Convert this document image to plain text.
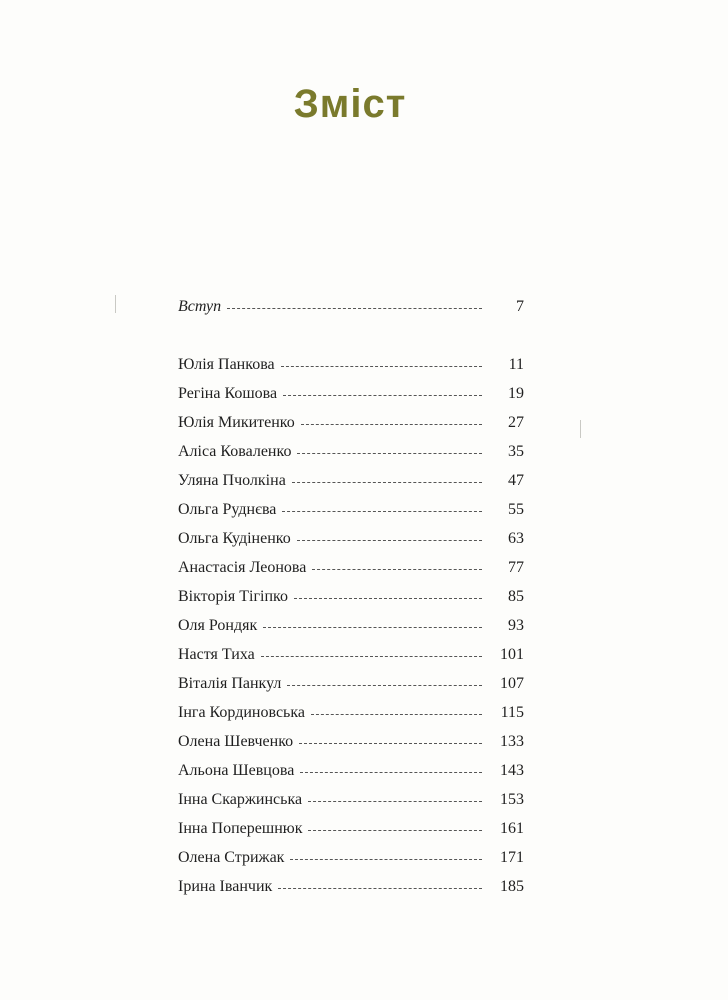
Зміст
Вступ	7
Юлія Панкова	11
Регіна Кошова	19
Юлія Микитенко	27
Аліса Коваленко	35
Уляна Пчолкіна	47
Ольга Руднєва	55
Ольга Кудіненко	63
Анастасія Леонова	77
Вікторія Тігіпко	85
Оля Рондяк	93
Настя Тиха	101
Віталія Панкул	107
Інга Кординовська	115
Олена Шевченко	133
Альона Шевцова	143
Інна Скаржинська	153
Інна Поперешнюк	161
Олена Стрижак	171
Ірина Іванчик	185
